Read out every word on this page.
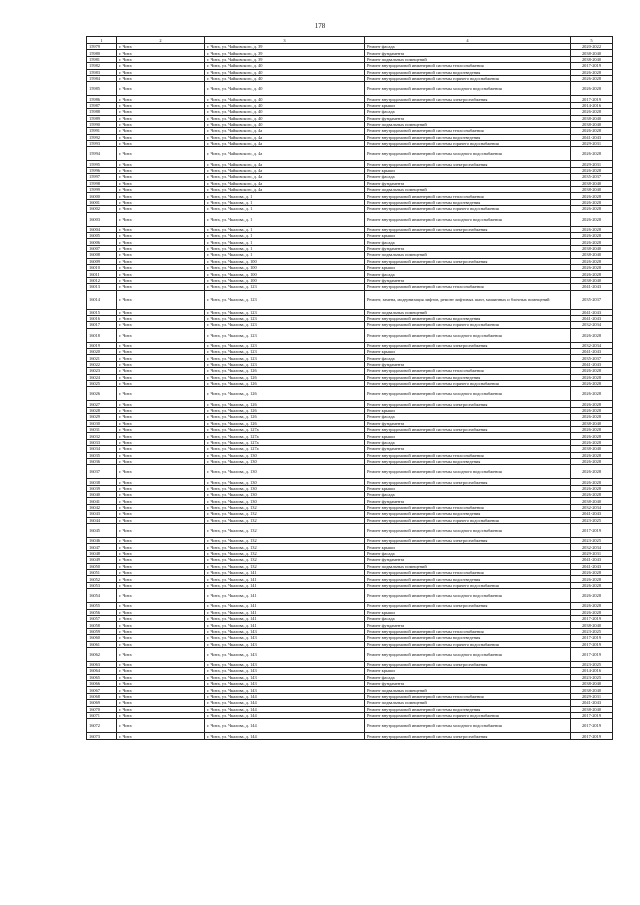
178
1	2	3	4	5
15979	г. Чита	г. Чита, ул. Чайковского, д. 39	Ремонт фасада	2020-2022
15980	г. Чита	г. Чита, ул. Чайковского, д. 39	Ремонт фундамента	2038-2040
15981	г. Чита	г. Чита, ул. Чайковского, д. 39	Ремонт подвальных помещений	2038-2040
15982	г. Чита	г. Чита, ул. Чайковского, д. 40	Ремонт внутридомовой инженерной системы теплоснабжения	2017-2019
15983	г. Чита	г. Чита, ул. Чайковского, д. 40	Ремонт внутридомовой инженерной системы водоотведения	2026-2028
15984	г. Чита	г. Чита, ул. Чайковского, д. 40	Ремонт внутридомовой инженерной системы горячего водоснабжения	2026-2028
15985	г. Чита	г. Чита, ул. Чайковского, д. 40	Ремонт внутридомовой инженерной системы холодного водоснабжения	2026-2028
15986	г. Чита	г. Чита, ул. Чайковского, д. 40	Ремонт внутридомовой инженерной системы электроснабжения	2017-2019
15987	г. Чита	г. Чита, ул. Чайковского, д. 40	Ремонт крыши	2014-2016
15988	г. Чита	г. Чита, ул. Чайковского, д. 40	Ремонт фасада	2026-2028
15989	г. Чита	г. Чита, ул. Чайковского, д. 40	Ремонт фундамента	2038-2040
15990	г. Чита	г. Чита, ул. Чайковского, д. 40	Ремонт подвальных помещений	2038-2040
15991	г. Чита	г. Чита, ул. Чайковского, д. 4а	Ремонт внутридомовой инженерной системы теплоснабжения	2026-2028
15992	г. Чита	г. Чита, ул. Чайковского, д. 4а	Ремонт внутридомовой инженерной системы водоотведения	2041-2043
15993	г. Чита	г. Чита, ул. Чайковского, д. 4а	Ремонт внутридомовой инженерной системы горячего водоснабжения	2029-2031
15994	г. Чита	г. Чита, ул. Чайковского, д. 4а	Ремонт внутридомовой инженерной системы холодного водоснабжения	2026-2028
15995	г. Чита	г. Чита, ул. Чайковского, д. 4а	Ремонт внутридомовой инженерной системы электроснабжения	2029-2031
15996	г. Чита	г. Чита, ул. Чайковского, д. 4а	Ремонт крыши	2026-2028
15997	г. Чита	г. Чита, ул. Чайковского, д. 4а	Ремонт фасада	2035-2037
15998	г. Чита	г. Чита, ул. Чайковского, д. 4а	Ремонт фундамента	2038-2040
15999	г. Чита	г. Чита, ул. Чайковского, д. 4а	Ремонт подвальных помещений	2038-2040
16000	г. Чита	г. Чита, ул. Чкалова, д. 1	Ремонт внутридомовой инженерной системы теплоснабжения	2026-2028
16001	г. Чита	г. Чита, ул. Чкалова, д. 1	Ремонт внутридомовой инженерной системы водоотведения	2026-2028
16002	г. Чита	г. Чита, ул. Чкалова, д. 1	Ремонт внутридомовой инженерной системы горячего водоснабжения	2026-2028
16003	г. Чита	г. Чита, ул. Чкалова, д. 1	Ремонт внутридомовой инженерной системы холодного водоснабжения	2026-2028
16004	г. Чита	г. Чита, ул. Чкалова, д. 1	Ремонт внутридомовой инженерной системы электроснабжения	2026-2028
16005	г. Чита	г. Чита, ул. Чкалова, д. 1	Ремонт крыши	2026-2028
16006	г. Чита	г. Чита, ул. Чкалова, д. 1	Ремонт фасада	2026-2028
16007	г. Чита	г. Чита, ул. Чкалова, д. 1	Ремонт фундамента	2038-2040
16008	г. Чита	г. Чита, ул. Чкалова, д. 1	Ремонт подвальных помещений	2038-2040
16009	г. Чита	г. Чита, ул. Чкалова, д. 100	Ремонт внутридомовой инженерной системы электроснабжения	2026-2028
16010	г. Чита	г. Чита, ул. Чкалова, д. 100	Ремонт крыши	2026-2028
16011	г. Чита	г. Чита, ул. Чкалова, д. 100	Ремонт фасада	2026-2028
16012	г. Чита	г. Чита, ул. Чкалова, д. 100	Ремонт фундамента	2038-2040
16013	г. Чита	г. Чита, ул. Чкалова, д. 123	Ремонт внутридомовой инженерной системы теплоснабжения	2041-2043
16014	г. Чита	г. Чита, ул. Чкалова, д. 123	Ремонт, замена, модернизация лифтов, ремонт лифтовых шахт, машинных и блочных помещений	2035-2037
16015	г. Чита	г. Чита, ул. Чкалова, д. 123	Ремонт подвальных помещений	2041-2043
16016	г. Чита	г. Чита, ул. Чкалова, д. 123	Ремонт внутридомовой инженерной системы водоотведения	2041-2043
16017	г. Чита	г. Чита, ул. Чкалова, д. 123	Ремонт внутридомовой инженерной системы горячего водоснабжения	2032-2034
16018	г. Чита	г. Чита, ул. Чкалова, д. 123	Ремонт внутридомовой инженерной системы холодного водоснабжения	2026-2028
16019	г. Чита	г. Чита, ул. Чкалова, д. 123	Ремонт внутридомовой инженерной системы электроснабжения	2032-2034
16020	г. Чита	г. Чита, ул. Чкалова, д. 123	Ремонт крыши	2041-2043
16021	г. Чита	г. Чита, ул. Чкалова, д. 123	Ремонт фасада	2035-2037
16022	г. Чита	г. Чита, ул. Чкалова, д. 123	Ремонт фундамента	2041-2043
16023	г. Чита	г. Чита, ул. Чкалова, д. 126	Ремонт внутридомовой инженерной системы теплоснабжения	2026-2028
16024	г. Чита	г. Чита, ул. Чкалова, д. 126	Ремонт внутридомовой инженерной системы водоотведения	2026-2028
16025	г. Чита	г. Чита, ул. Чкалова, д. 126	Ремонт внутридомовой инженерной системы горячего водоснабжения	2026-2028
16026	г. Чита	г. Чита, ул. Чкалова, д. 126	Ремонт внутридомовой инженерной системы холодного водоснабжения	2026-2028
16027	г. Чита	г. Чита, ул. Чкалова, д. 126	Ремонт внутридомовой инженерной системы электроснабжения	2026-2028
16028	г. Чита	г. Чита, ул. Чкалова, д. 126	Ремонт крыши	2026-2028
16029	г. Чита	г. Чита, ул. Чкалова, д. 126	Ремонт фасада	2026-2028
16030	г. Чита	г. Чита, ул. Чкалова, д. 126	Ремонт фундамента	2038-2040
16031	г. Чита	г. Чита, ул. Чкалова, д. 127а	Ремонт внутридомовой инженерной системы электроснабжения	2026-2028
16032	г. Чита	г. Чита, ул. Чкалова, д. 127а	Ремонт крыши	2026-2028
16033	г. Чита	г. Чита, ул. Чкалова, д. 127а	Ремонт фасада	2026-2028
16034	г. Чита	г. Чита, ул. Чкалова, д. 127а	Ремонт фундамента	2038-2040
16035	г. Чита	г. Чита, ул. Чкалова, д. 130	Ремонт внутридомовой инженерной системы теплоснабжения	2026-2028
16036	г. Чита	г. Чита, ул. Чкалова, д. 130	Ремонт внутридомовой инженерной системы водоотведения	2026-2028
16037	г. Чита	г. Чита, ул. Чкалова, д. 130	Ремонт внутридомовой инженерной системы холодного водоснабжения	2026-2028
16038	г. Чита	г. Чита, ул. Чкалова, д. 130	Ремонт внутридомовой инженерной системы электроснабжения	2026-2028
16039	г. Чита	г. Чита, ул. Чкалова, д. 130	Ремонт крыши	2026-2028
16040	г. Чита	г. Чита, ул. Чкалова, д. 130	Ремонт фасада	2026-2028
16041	г. Чита	г. Чита, ул. Чкалова, д. 130	Ремонт фундамента	2038-2040
16042	г. Чита	г. Чита, ул. Чкалова, д. 132	Ремонт внутридомовой инженерной системы теплоснабжения	2032-2034
16043	г. Чита	г. Чита, ул. Чкалова, д. 132	Ремонт внутридомовой инженерной системы водоотведения	2041-2043
16044	г. Чита	г. Чита, ул. Чкалова, д. 132	Ремонт внутридомовой инженерной системы горячего водоснабжения	2023-2025
16045	г. Чита	г. Чита, ул. Чкалова, д. 132	Ремонт внутридомовой инженерной системы холодного водоснабжения	2017-2019
16046	г. Чита	г. Чита, ул. Чкалова, д. 132	Ремонт внутридомовой инженерной системы электроснабжения	2023-2025
16047	г. Чита	г. Чита, ул. Чкалова, д. 132	Ремонт крыши	2032-2034
16048	г. Чита	г. Чита, ул. Чкалова, д. 132	Ремонт фасада	2029-2031
16049	г. Чита	г. Чита, ул. Чкалова, д. 132	Ремонт фундамента	2041-2043
16050	г. Чита	г. Чита, ул. Чкалова, д. 132	Ремонт подвальных помещений	2041-2043
16051	г. Чита	г. Чита, ул. Чкалова, д. 141	Ремонт внутридомовой инженерной системы теплоснабжения	2026-2028
16052	г. Чита	г. Чита, ул. Чкалова, д. 141	Ремонт внутридомовой инженерной системы водоотведения	2026-2028
16053	г. Чита	г. Чита, ул. Чкалова, д. 141	Ремонт внутридомовой инженерной системы горячего водоснабжения	2026-2028
16054	г. Чита	г. Чита, ул. Чкалова, д. 141	Ремонт внутридомовой инженерной системы холодного водоснабжения	2026-2028
16055	г. Чита	г. Чита, ул. Чкалова, д. 141	Ремонт внутридомовой инженерной системы электроснабжения	2026-2028
16056	г. Чита	г. Чита, ул. Чкалова, д. 141	Ремонт крыши	2026-2028
16057	г. Чита	г. Чита, ул. Чкалова, д. 141	Ремонт фасада	2017-2019
16058	г. Чита	г. Чита, ул. Чкалова, д. 141	Ремонт фундамента	2038-2040
16059	г. Чита	г. Чита, ул. Чкалова, д. 143	Ремонт внутридомовой инженерной системы теплоснабжения	2023-2025
16060	г. Чита	г. Чита, ул. Чкалова, д. 143	Ремонт внутридомовой инженерной системы водоотведения	2017-2019
16061	г. Чита	г. Чита, ул. Чкалова, д. 143	Ремонт внутридомовой инженерной системы горячего водоснабжения	2017-2019
16062	г. Чита	г. Чита, ул. Чкалова, д. 143	Ремонт внутридомовой инженерной системы холодного водоснабжения	2017-2019
16063	г. Чита	г. Чита, ул. Чкалова, д. 143	Ремонт внутридомовой инженерной системы электроснабжения	2023-2025
16064	г. Чита	г. Чита, ул. Чкалова, д. 143	Ремонт крыши	2014-2016
16065	г. Чита	г. Чита, ул. Чкалова, д. 143	Ремонт фасада	2023-2025
16066	г. Чита	г. Чита, ул. Чкалова, д. 143	Ремонт фундамента	2038-2040
16067	г. Чита	г. Чита, ул. Чкалова, д. 143	Ремонт подвальных помещений	2038-2040
16068	г. Чита	г. Чита, ул. Чкалова, д. 144	Ремонт внутридомовой инженерной системы теплоснабжения	2029-2031
16069	г. Чита	г. Чита, ул. Чкалова, д. 144	Ремонт подвальных помещений	2041-2043
16070	г. Чита	г. Чита, ул. Чкалова, д. 144	Ремонт внутридомовой инженерной системы водоотведения	2038-2040
16071	г. Чита	г. Чита, ул. Чкалова, д. 144	Ремонт внутридомовой инженерной системы горячего водоснабжения	2017-2019
16072	г. Чита	г. Чита, ул. Чкалова, д. 144	Ремонт внутридомовой инженерной системы холодного водоснабжения	2017-2019
16073	г. Чита	г. Чита, ул. Чкалова, д. 144	Ремонт внутридомовой инженерной системы электроснабжения	2017-2019
